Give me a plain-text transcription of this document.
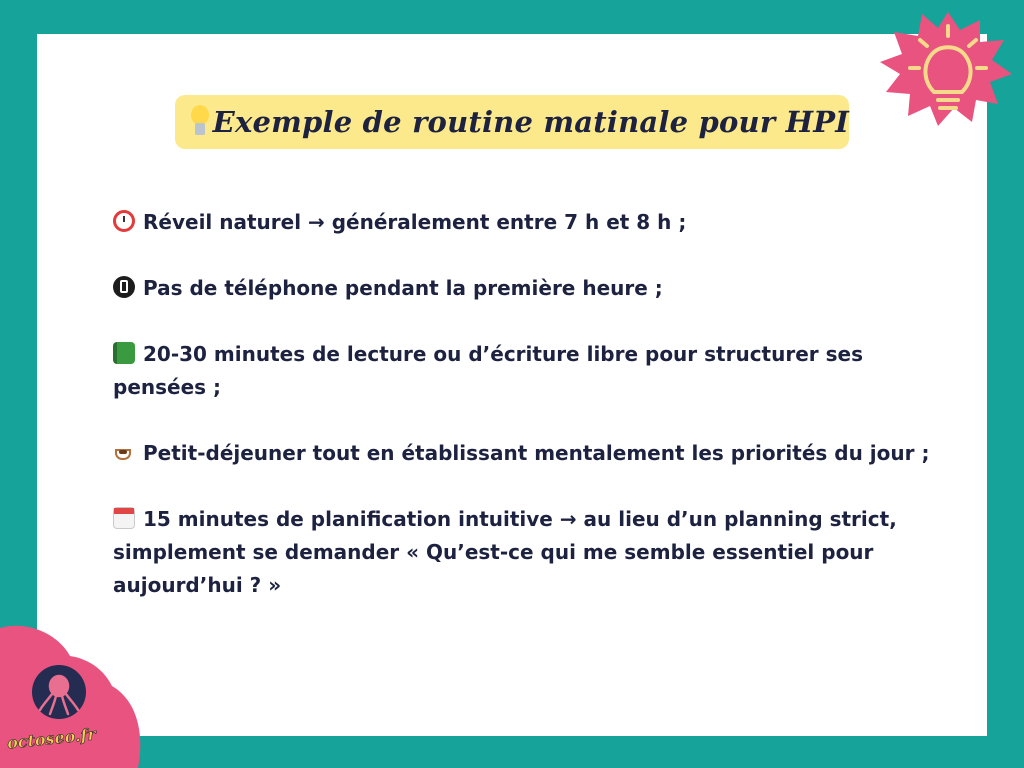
Exemple de routine matinale pour HPI

Réveil naturel → généralement entre 7 h et 8 h ;

Pas de téléphone pendant la première heure ;

20-30 minutes de lecture ou d’écriture libre pour structurer ses pensées ;

Petit-déjeuner tout en établissant mentalement les priorités du jour ;

15 minutes de planification intuitive → au lieu d’un planning strict, simplement se demander « Qu’est-ce qui me semble essentiel pour aujourd’hui ? »

octoseo.fr
